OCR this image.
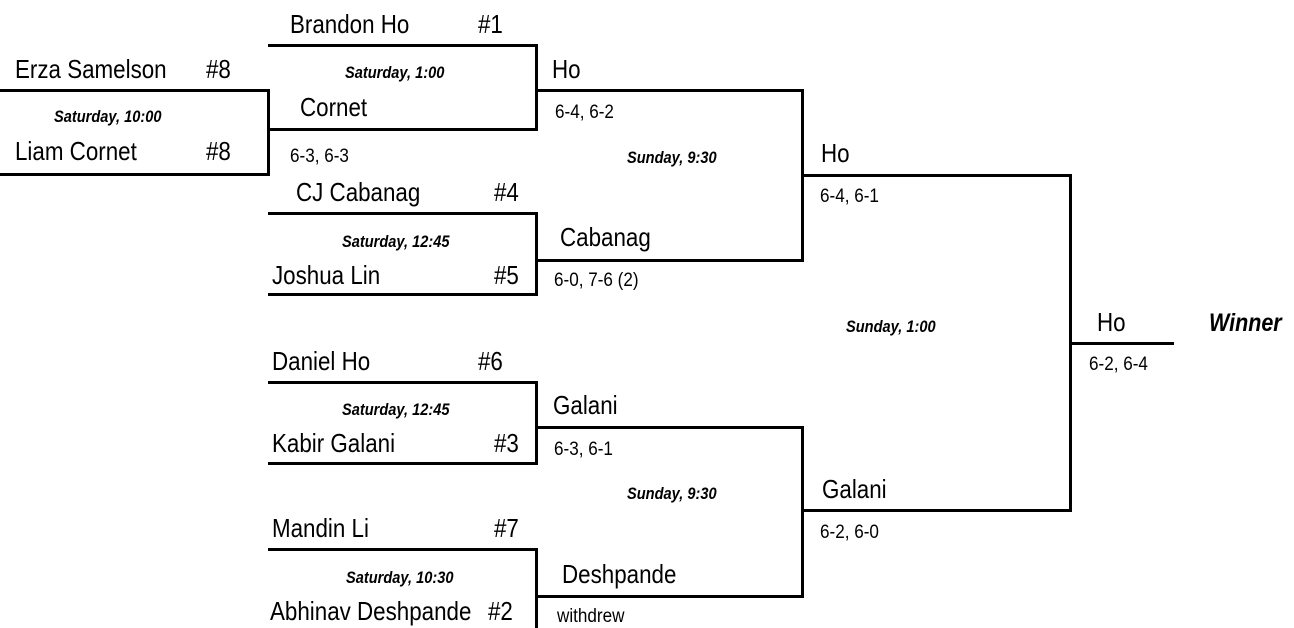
Erza Samelson #8
Saturday, 10:00
Liam Cornet	#8
Brandon Ho	#1
Saturday, 1:00
Cornet
6-3, 6-3
CJ Cabanag	#4
Saturday, 12:45
Joshua Lin	#5
Daniel Ho	#6
Saturday, 12:45
Kabir Galani	#3
Mandin Li	#7
Saturday, 10:30
Abhinav Deshpande #2
Ho
6-4, 6-2
Sunday, 9:30
Cabanag
6-0, 7-6 (2)
Galani
6-3, 6-1
Sunday, 9:30
Deshpande
withdrew
Ho
6-4, 6-1
Sunday, 1:00
Galani
6-2, 6-0
Ho	Winner
6-2, 6-4
